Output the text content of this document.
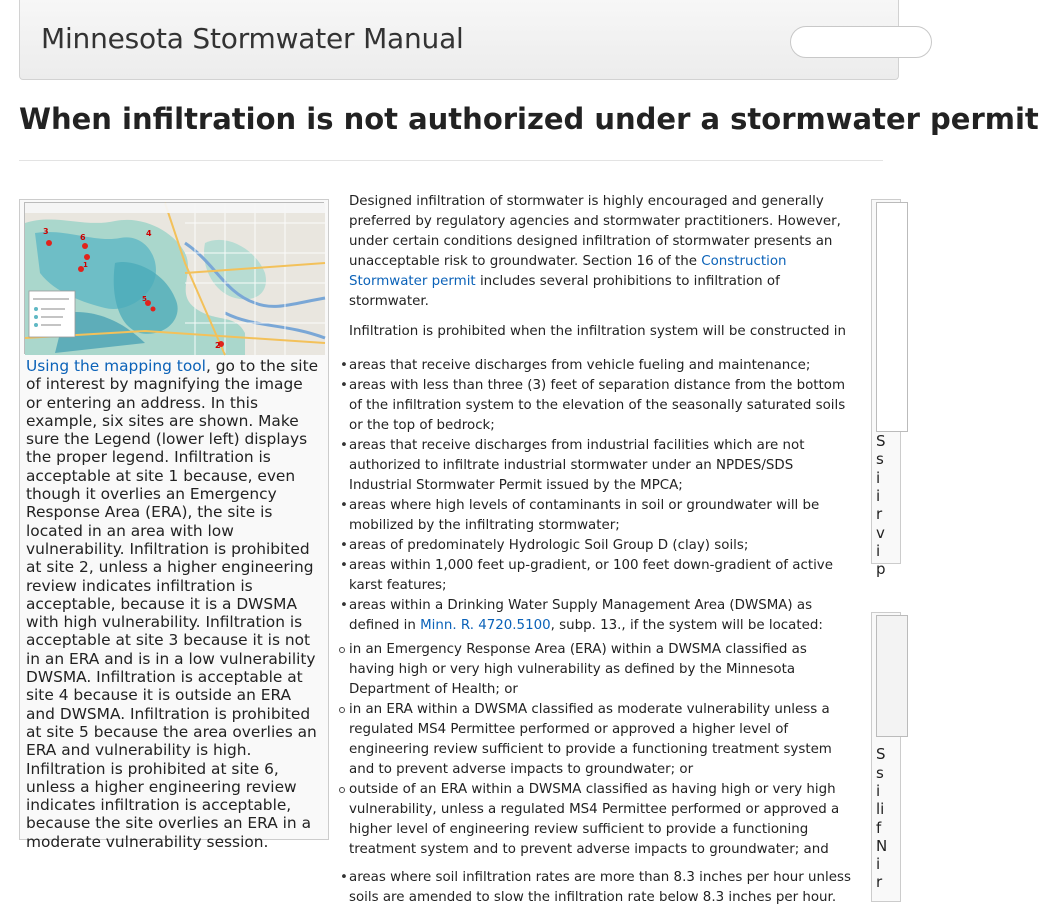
Minnesota Stormwater Manual
When infiltration is not authorized under a stormwater permit
3
6	4
1
5
2
Using the mapping tool, go to the site of interest by magnifying the image or entering an address. In this example, six sites are shown. Make sure the Legend (lower left) displays the proper legend. Infiltration is acceptable at site 1 because, even though it overlies an Emergency Response Area (ERA), the site is located in an area with low vulnerability. Infiltration is prohibited at site 2, unless a higher engineering review indicates infiltration is acceptable, because it is a DWSMA with high vulnerability. Infiltration is acceptable at site 3 because it is not in an ERA and is in a low vulnerability DWSMA. Infiltration is acceptable at site 4 because it is outside an ERA and DWSMA. Infiltration is prohibited at site 5 because the area overlies an ERA and vulnerability is high. Infiltration is prohibited at site 6, unless a higher engineering review indicates infiltration is acceptable, because the site overlies an ERA in a moderate vulnerability session.

Designed infiltration of stormwater is highly encouraged and generally preferred by regulatory agencies and stormwater practitioners. However, under certain conditions designed infiltration of stormwater presents an unacceptable risk to groundwater. Section 16 of the Construction Stormwater permit includes several prohibitions to infiltration of stormwater.

Infiltration is prohibited when the infiltration system will be constructed in

• areas that receive discharges from vehicle fueling and maintenance;
• areas with less than three (3) feet of separation distance from the bottom of the infiltration system to the elevation of the seasonally saturated soils or the top of bedrock;
• areas that receive discharges from industrial facilities which are not authorized to infiltrate industrial stormwater under an NPDES/SDS Industrial Stormwater Permit issued by the MPCA;
• areas where high levels of contaminants in soil or groundwater will be mobilized by the infiltrating stormwater;
• areas of predominately Hydrologic Soil Group D (clay) soils;
• areas within 1,000 feet up-gradient, or 100 feet down-gradient of active karst features;
• areas within a Drinking Water Supply Management Area (DWSMA) as defined in Minn. R. 4720.5100, subp. 13., if the system will be located:
in an Emergency Response Area (ERA) within a DWSMA classified as having high or very high vulnerability as defined by the Minnesota Department of Health; or
in an ERA within a DWSMA classified as moderate vulnerability unless a regulated MS4 Permittee performed or approved a higher level of engineering review sufficient to provide a functioning treatment system and to prevent adverse impacts to groundwater; or
outside of an ERA within a DWSMA classified as having high or very high vulnerability, unless a regulated MS4 Permittee performed or approved a higher level of engineering review sufficient to provide a functioning treatment system and to prevent adverse impacts to groundwater; and
• areas where soil infiltration rates are more than 8.3 inches per hour unless soils are amended to slow the infiltration rate below 8.3 inches per hour.
S
s
i
i
r
v
i
p
S
s
i
li
f
N
i
r
